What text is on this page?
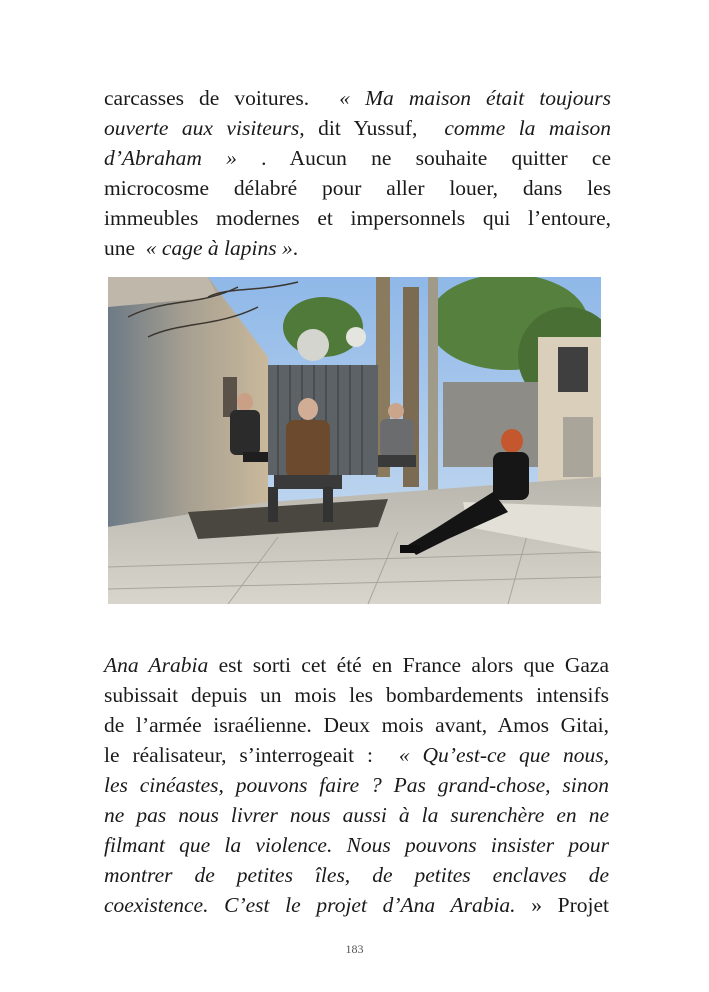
carcasses de voitures. « Ma maison était toujours
ouverte aux visiteurs, dit Yussuf, comme la maison
d’Abraham » . Aucun ne souhaite quitter ce
microcosme délabré pour aller louer, dans les
immeubles modernes et impersonnels qui l’entoure,
une « cage à lapins ».
Ana Arabia est sorti cet été en France alors que Gaza
subissait depuis un mois les bombardements intensifs
de l’armée israélienne. Deux mois avant, Amos Gitai,
le réalisateur, s’interrogeait : « Qu’est-ce que nous,
les cinéastes, pouvons faire ? Pas grand-chose, sinon
ne pas nous livrer nous aussi à la surenchère en ne
filmant que la violence. Nous pouvons insister pour
montrer de petites îles, de petites enclaves de
coexistence. C’est le projet d’Ana Arabia. » Projet
183
